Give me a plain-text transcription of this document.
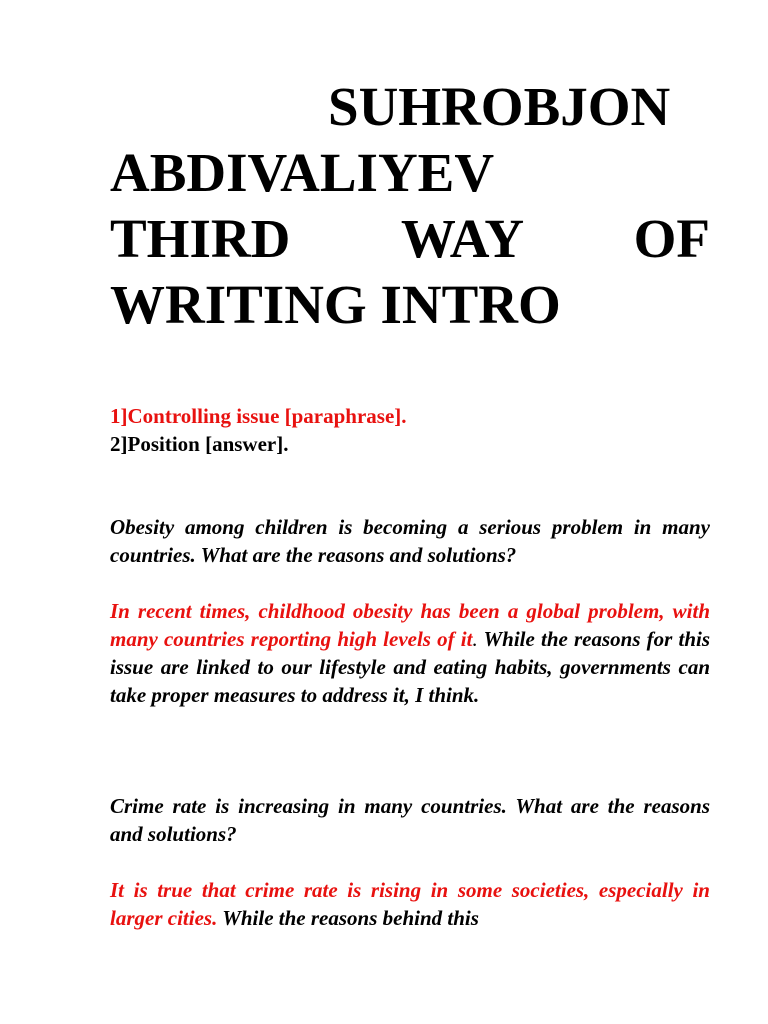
SUHROBJON
ABDIVALIYEV
THIRD WAY OF
WRITING INTRO
1]Controlling issue [paraphrase].
2]Position [answer].

Obesity among children is becoming a serious problem in many countries. What are the reasons and solutions?

In recent times, childhood obesity has been a global problem, with many countries reporting high levels of it. While the reasons for this issue are linked to our lifestyle and eating habits, governments can take proper measures to address it, I think.

Crime rate is increasing in many countries. What are the reasons and solutions?

It is true that crime rate is rising in some societies, especially in larger cities. While the reasons behind this
